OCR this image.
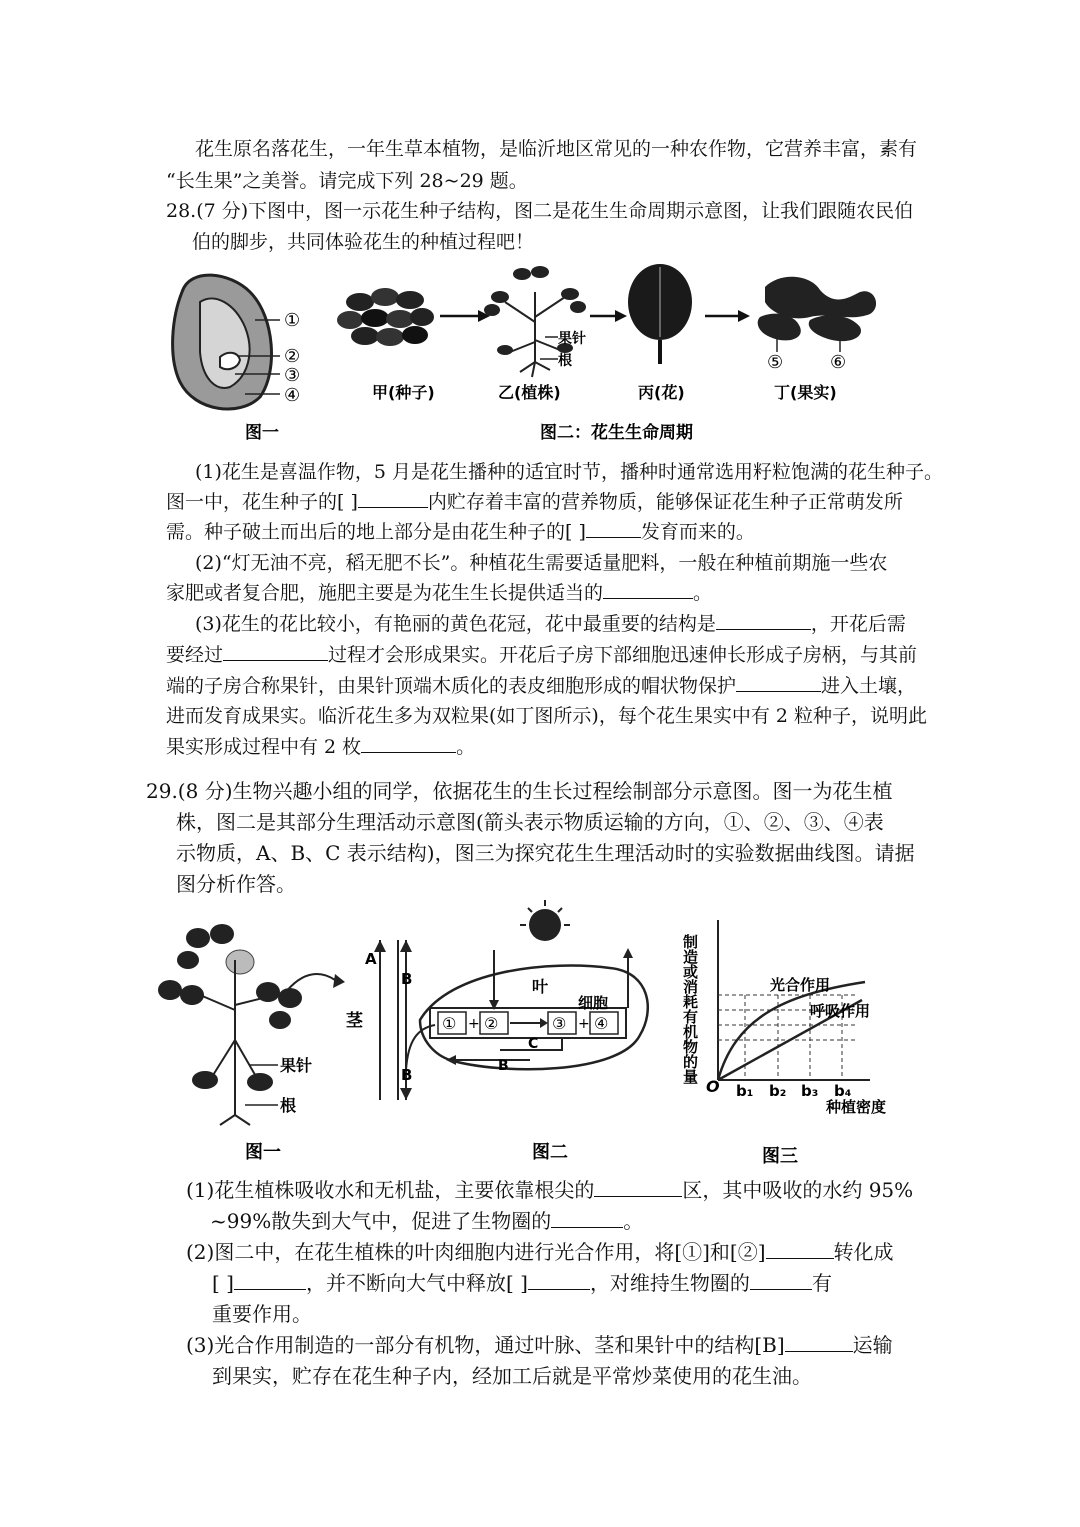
花生原名落花生，一年生草本植物，是临沂地区常见的一种农作物，它营养丰富，素有
“长生果”之美誉。请完成下列 28~29 题。
28.(7 分)下图中，图一示花生种子结构，图二是花生生命周期示意图，让我们跟随农民伯
伯的脚步，共同体验花生的种植过程吧！
①
②
③
④
果针
根	⑤	⑥
甲(种子)	乙(植株)	丙(花)	丁(果实)
图一	图二：花生生命周期
(1)花生是喜温作物，5 月是花生播种的适宜时节，播种时通常选用籽粒饱满的花生种子。
图一中，花生种子的[ ]	内贮存着丰富的营养物质，能够保证花生种子正常萌发所
需。种子破土而出后的地上部分是由花生种子的[ ]	发育而来的。
(2)“灯无油不亮，稻无肥不长”。种植花生需要适量肥料，一般在种植前期施一些农
家肥或者复合肥，施肥主要是为花生生长提供适当的	。
(3)花生的花比较小，有艳丽的黄色花冠，花中最重要的结构是	，开花后需
要经过	过程才会形成果实。开花后子房下部细胞迅速伸长形成子房柄，与其前
端的子房合称果针，由果针顶端木质化的表皮细胞形成的帽状物保护	进入土壤，
进而发育成果实。临沂花生多为双粒果(如丁图所示)，每个花生果实中有 2 粒种子，说明此
果实形成过程中有 2 枚	。
29.(8 分)生物兴趣小组的同学，依据花生的生长过程绘制部分示意图。图一为花生植
株，图二是其部分生理活动示意图(箭头表示物质运输的方向，①、②、③、④表
示物质，A、B、C 表示结构)，图三为探究花生生理活动时的实验数据曲线图。请据
图分析作答。
果针
根
A
B
B
茎
叶
细胞
① + ②	③ + ④
C
B	制造或消耗有机物的量	光合作用
呼吸作用
O b₁ b₂ b₃ b₄
种植密度
图一	图二	图三
(1)花生植株吸收水和无机盐，主要依靠根尖的	区，其中吸收的水约 95%
~99%散失到大气中，促进了生物圈的	。
(2)图二中，在花生植株的叶肉细胞内进行光合作用，将[①]和[②]	转化成
[ ]	，并不断向大气中释放[ ]	，对维持生物圈的	有
重要作用。
(3)光合作用制造的一部分有机物，通过叶脉、茎和果针中的结构[B]	运输
到果实，贮存在花生种子内，经加工后就是平常炒菜使用的花生油。
